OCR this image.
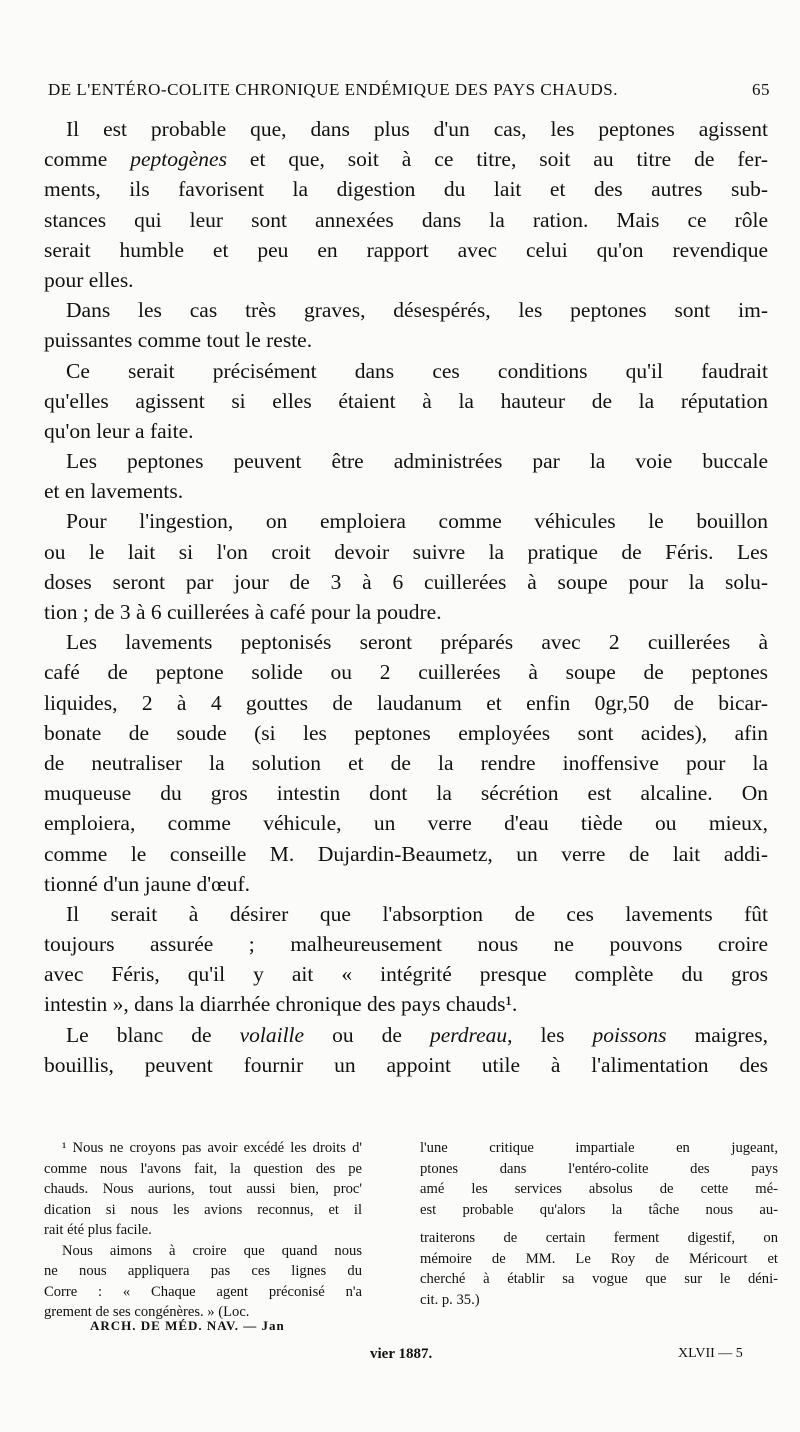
DE L'ENTÉRO-COLITE CHRONIQUE ENDÉMIQUE DES PAYS CHAUDS.	65
Il est probable que, dans plus d'un cas, les peptones agissent
comme peptogènes et que, soit à ce titre, soit au titre de fer-
ments, ils favorisent la digestion du lait et des autres sub-
stances qui leur sont annexées dans la ration. Mais ce rôle
serait humble et peu en rapport avec celui qu'on revendique
pour elles.
Dans les cas très graves, désespérés, les peptones sont im-
puissantes comme tout le reste.
Ce serait précisément dans ces conditions qu'il faudrait
qu'elles agissent si elles étaient à la hauteur de la réputation
qu'on leur a faite.
Les peptones peuvent être administrées par la voie buccale
et en lavements.
Pour l'ingestion, on emploiera comme véhicules le bouillon
ou le lait si l'on croit devoir suivre la pratique de Féris. Les
doses seront par jour de 3 à 6 cuillerées à soupe pour la solu-
tion ; de 3 à 6 cuillerées à café pour la poudre.
Les lavements peptonisés seront préparés avec 2 cuillerées à
café de peptone solide ou 2 cuillerées à soupe de peptones
liquides, 2 à 4 gouttes de laudanum et enfin 0gr,50 de bicar-
bonate de soude (si les peptones employées sont acides), afin
de neutraliser la solution et de la rendre inoffensive pour la
muqueuse du gros intestin dont la sécrétion est alcaline. On
emploiera, comme véhicule, un verre d'eau tiède ou mieux,
comme le conseille M. Dujardin-Beaumetz, un verre de lait addi-
tionné d'un jaune d'œuf.
Il serait à désirer que l'absorption de ces lavements fût
toujours assurée ; malheureusement nous ne pouvons croire
avec Féris, qu'il y ait « intégrité presque complète du gros
intestin », dans la diarrhée chronique des pays chauds¹.
Le blanc de volaille ou de perdreau, les poissons maigres,
bouillis, peuvent fournir un appoint utile à l'alimentation des
¹ Nous ne croyons pas avoir excédé les droits d'
comme nous l'avons fait, la question des pe
chauds. Nous aurions, tout aussi bien, proc'
dication si nous les avions reconnus, et il
rait été plus facile.
Nous aimons à croire que quand nous
ne nous appliquera pas ces lignes du
Corre : « Chaque agent préconisé n'a
grement de ses congénères. » (Loc.
l'une critique impartiale en jugeant,
ptones dans l'entéro-colite des pays
amé les services absolus de cette mé-
est probable qu'alors la tâche nous au-
traiterons de certain ferment digestif, on
mémoire de MM. Le Roy de Méricourt et
cherché à établir sa vogue que sur le déni-
cit. p. 35.)
ARCH. DE MÉD. NAV. — Jan
vier 1887.	XLVII — 5
